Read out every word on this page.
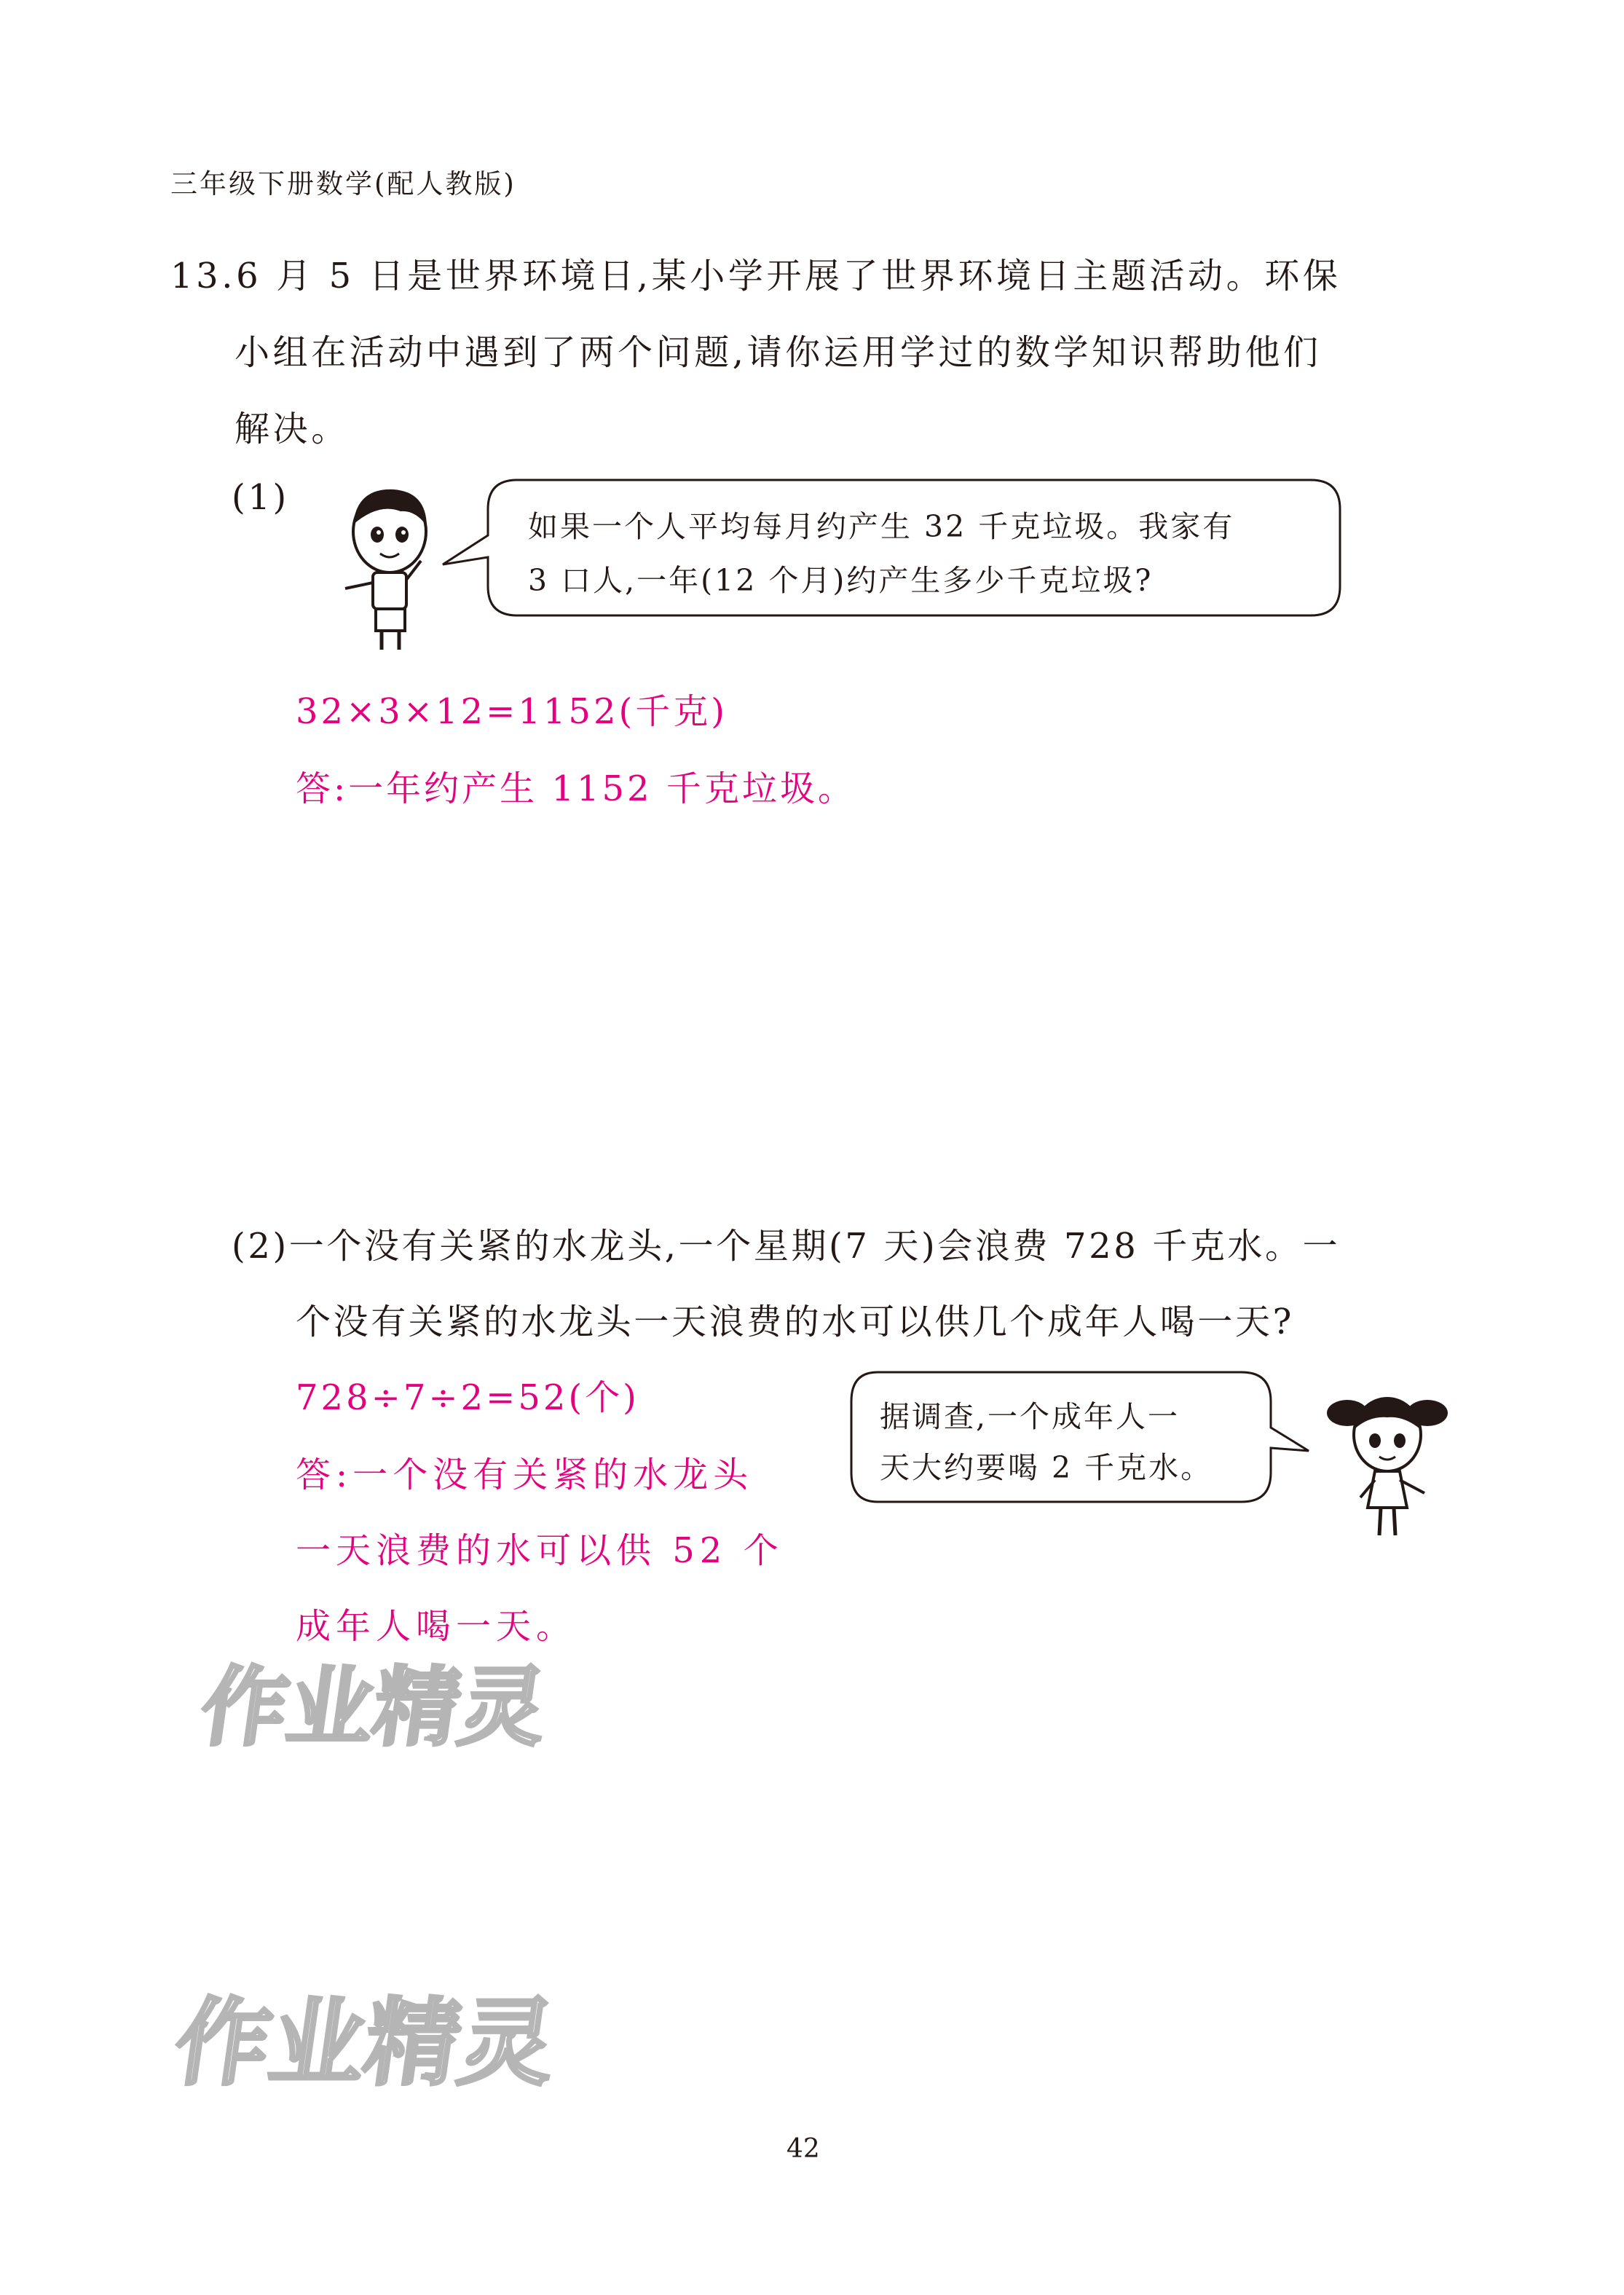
三年级下册数学(配人教版)
13.6 月 5 日是世界环境日,某小学开展了世界环境日主题活动。环保
小组在活动中遇到了两个问题,请你运用学过的数学知识帮助他们
解决。
(1)
如果一个人平均每月约产生 32 千克垃圾。我家有
3 口人,一年(12 个月)约产生多少千克垃圾?
32×3×12=1152(千克)
答:一年约产生 1152 千克垃圾。
(2)一个没有关紧的水龙头,一个星期(7 天)会浪费 728 千克水。一
个没有关紧的水龙头一天浪费的水可以供几个成年人喝一天?
728÷7÷2=52(个)
答:一个没有关紧的水龙头
一天浪费的水可以供 52 个
成年人喝一天。
据调查,一个成年人一
天大约要喝 2 千克水。
作业精灵
作业精灵
42
